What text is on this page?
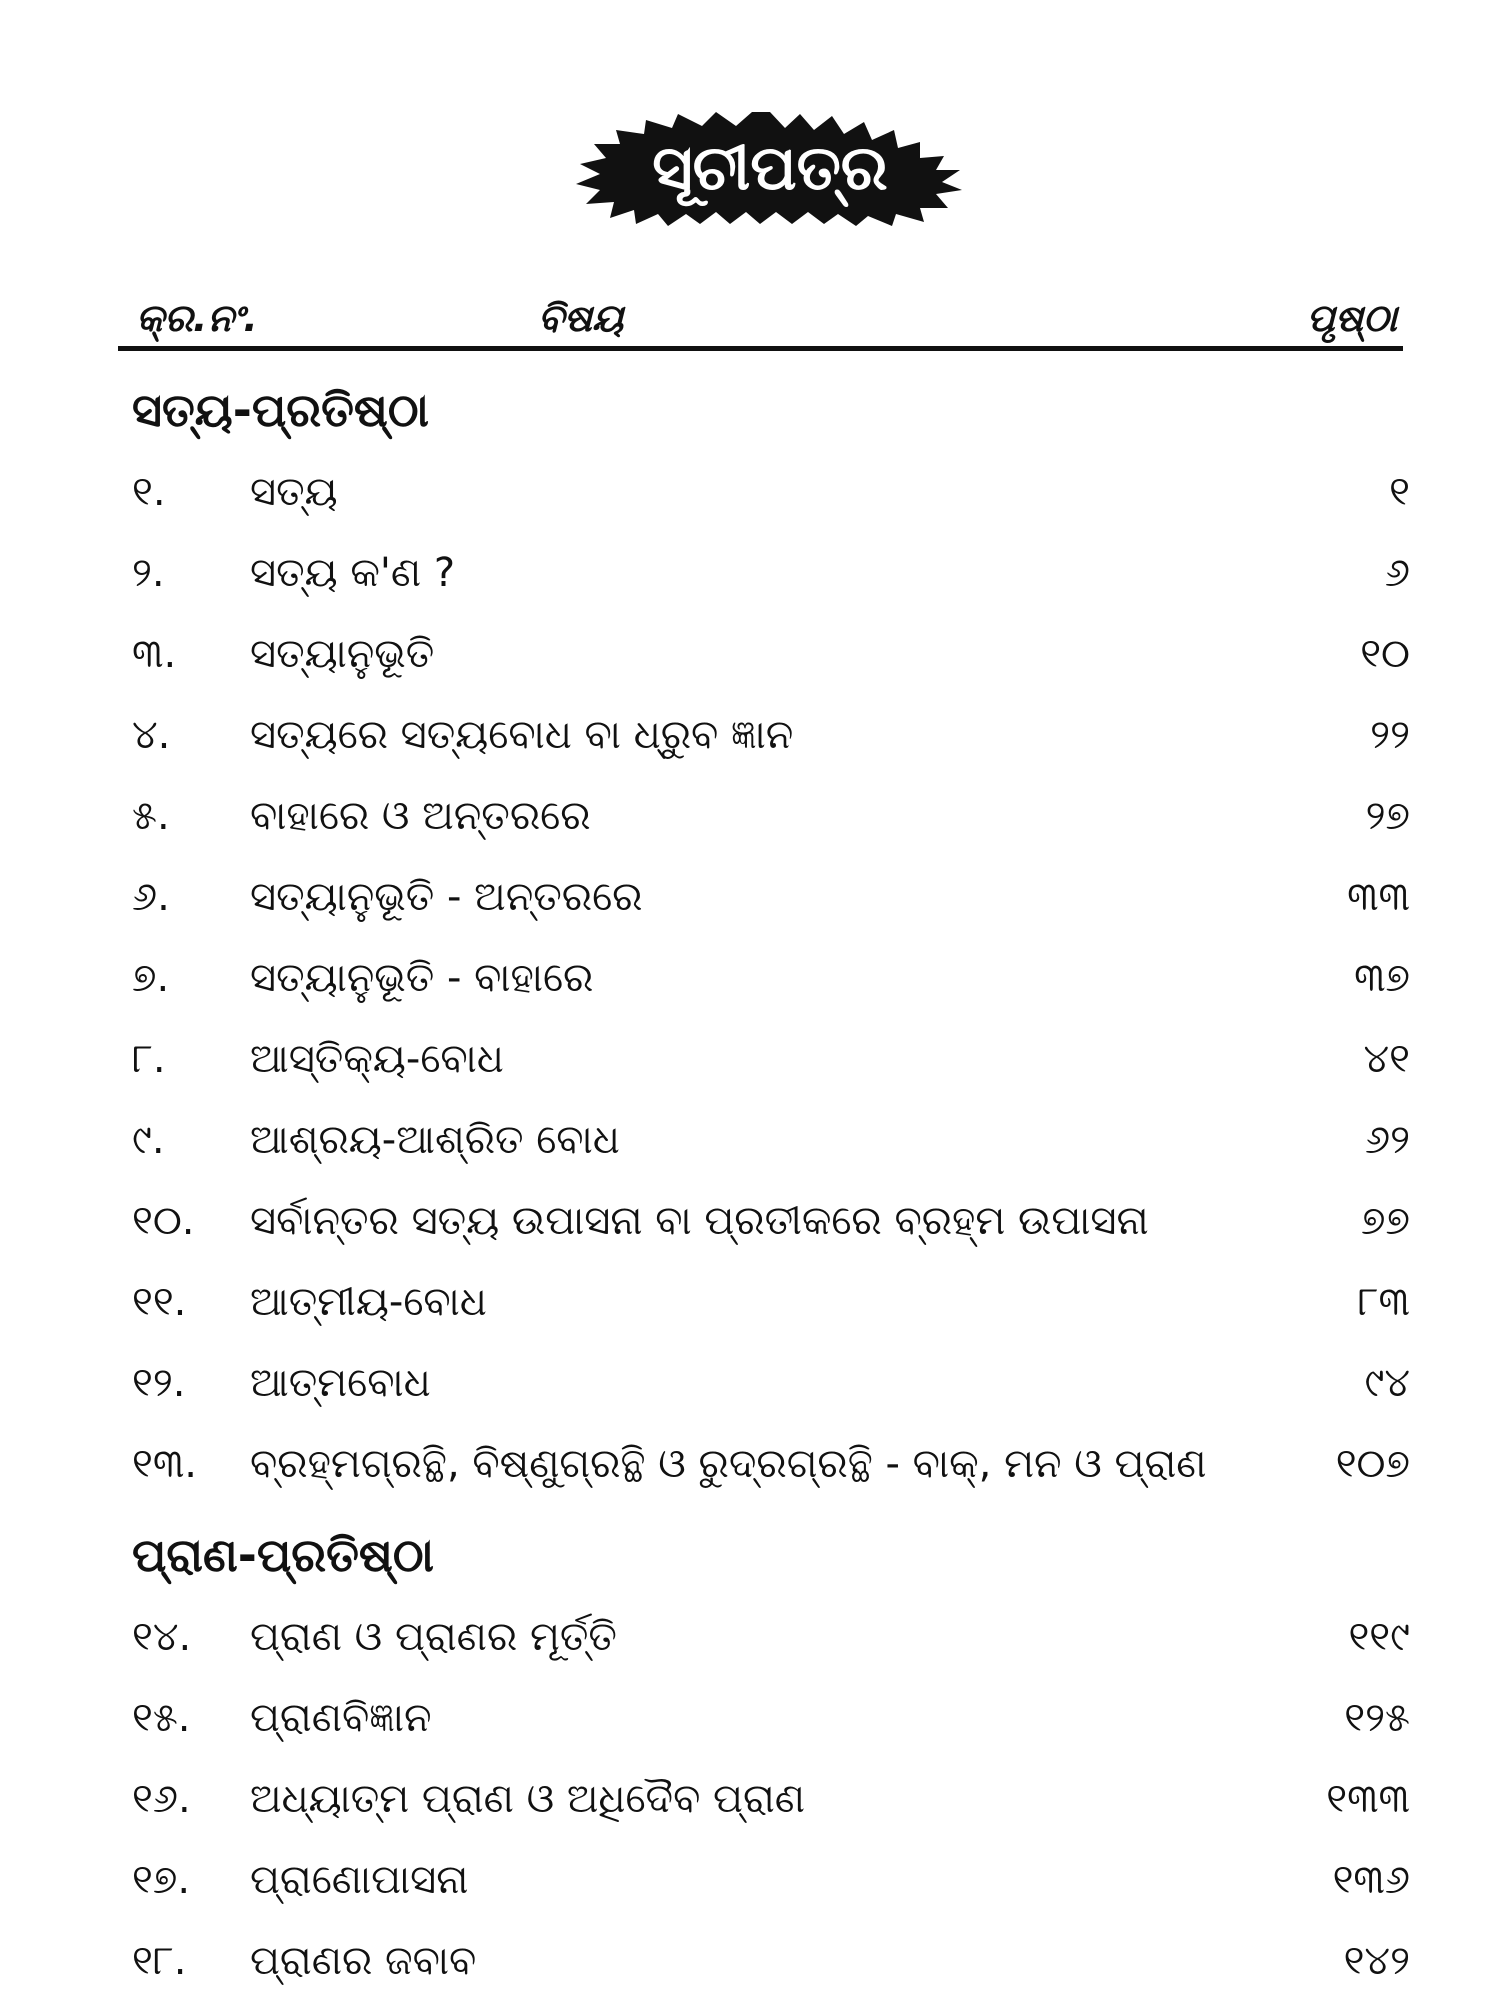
ସୂଚୀପତ୍ର
କ୍ର.ନଂ.	ବିଷୟ	ପୃଷ୍ଠା
ସତ୍ୟ-ପ୍ରତିଷ୍ଠା
୧. ସତ୍ୟ	୧
୨. ସତ୍ୟ କ'ଣ ?	୬
୩. ସତ୍ୟାନୁଭୂତି	୧୦
୪. ସତ୍ୟରେ ସତ୍ୟବୋଧ ବା ଧ୍ରୁବ ଜ୍ଞାନ	୨୨
୫. ବାହାରେ ଓ ଅନ୍ତରରେ	୨୭
୬. ସତ୍ୟାନୁଭୂତି - ଅନ୍ତରରେ	୩୩
୭. ସତ୍ୟାନୁଭୂତି - ବାହାରେ	୩୭
୮. ଆସ୍ତିକ୍ୟ-ବୋଧ	୪୧
୯. ଆଶ୍ରୟ-ଆଶ୍ରିତ ବୋଧ	୬୨
୧୦. ସର୍ବାନ୍ତର ସତ୍ୟ ଉପାସନା ବା ପ୍ରତୀକରେ ବ୍ରହ୍ମ ଉପାସନା	୭୭
୧୧. ଆତ୍ମୀୟ-ବୋଧ	୮୩
୧୨. ଆତ୍ମବୋଧ	୯୪
୧୩. ବ୍ରହ୍ମଗ୍ରନ୍ଥି, ବିଷ୍ଣୁଗ୍ରନ୍ଥି ଓ ରୁଦ୍ରଗ୍ରନ୍ଥି - ବାକ୍, ମନ ଓ ପ୍ରାଣ	୧୦୭
ପ୍ରାଣ-ପ୍ରତିଷ୍ଠା
୧୪. ପ୍ରାଣ ଓ ପ୍ରାଣର ମୂର୍ତ୍ତି	୧୧୯
୧୫. ପ୍ରାଣବିଜ୍ଞାନ	୧୨୫
୧୬. ଅଧ୍ୟାତ୍ମ ପ୍ରାଣ ଓ ଅଧିଦୈବ ପ୍ରାଣ	୧୩୩
୧୭. ପ୍ରାଣୋପାସନା	୧୩୬
୧୮. ପ୍ରାଣର ଜବାବ	୧୪୨
